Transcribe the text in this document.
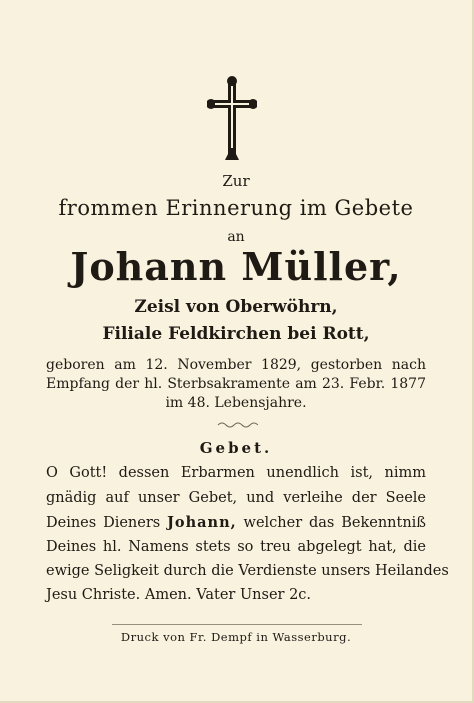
Zur
frommen Erinnerung im Gebete
an
Johann Müller,
Zeisl von Oberwöhrn,
Filiale Feldkirchen bei Rott,
geboren am 12. November 1829, gestorben nach
Empfang der hl. Sterbsakramente am 23. Febr. 1877
im 48. Lebensjahre.
Gebet.
O Gott! dessen Erbarmen unendlich ist, nimm
gnädig auf unser Gebet, und verleihe der Seele
Deines Dieners Johann, welcher das Bekenntniß
Deines hl. Namens stets so treu abgelegt hat, die
ewige Seligkeit durch die Verdienste unsers Heilandes
Jesu Christe. Amen. Vater Unser 2c.
Druck von Fr. Dempf in Wasserburg.
